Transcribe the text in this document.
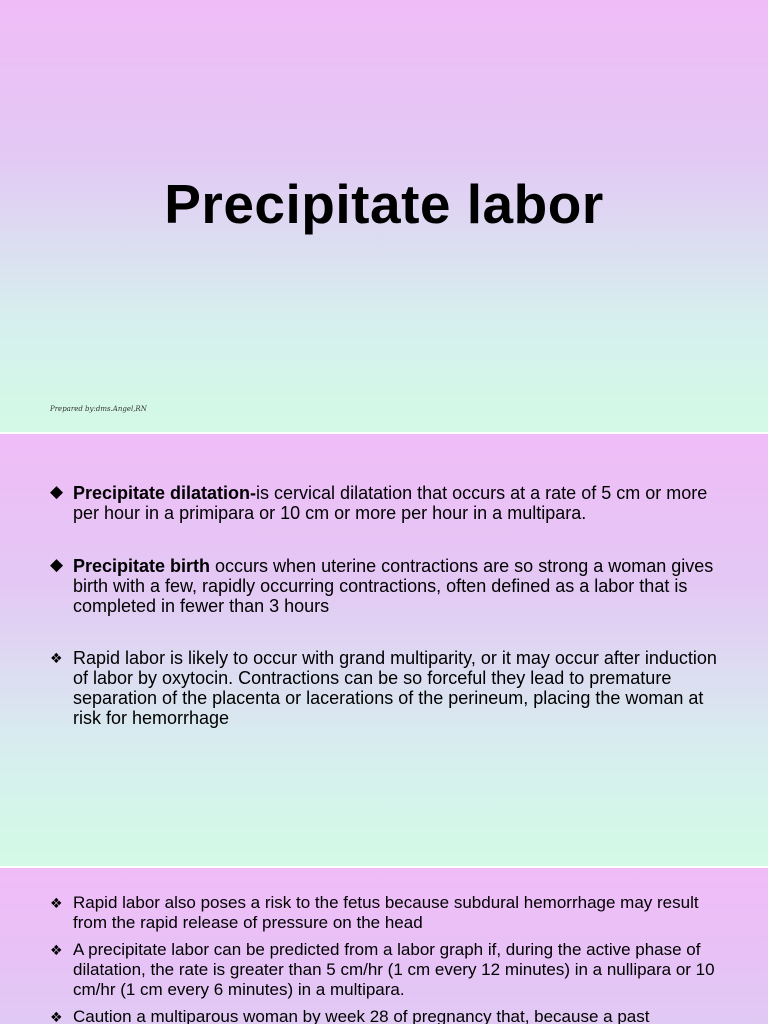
Precipitate labor
Prepared by:dms.Angel,RN
◆ Precipitate dilatation-is cervical dilatation that occurs at a rate of 5 cm or more per hour in a primipara or 10 cm or more per hour in a multipara.
◆ Precipitate birth occurs when uterine contractions are so strong a woman gives birth with a few, rapidly occurring contractions, often defined as a labor that is completed in fewer than 3 hours
❖ Rapid labor is likely to occur with grand multiparity, or it may occur after induction of labor by oxytocin. Contractions can be so forceful they lead to premature separation of the placenta or lacerations of the perineum, placing the woman at risk for hemorrhage
❖ Rapid labor also poses a risk to the fetus because subdural hemorrhage may result from the rapid release of pressure on the head
❖ A precipitate labor can be predicted from a labor graph if, during the active phase of dilatation, the rate is greater than 5 cm/hr (1 cm every 12 minutes) in a nullipara or 10 cm/hr (1 cm every 6 minutes) in a multipara.
❖ Caution a multiparous woman by week 28 of pregnancy that, because a past
